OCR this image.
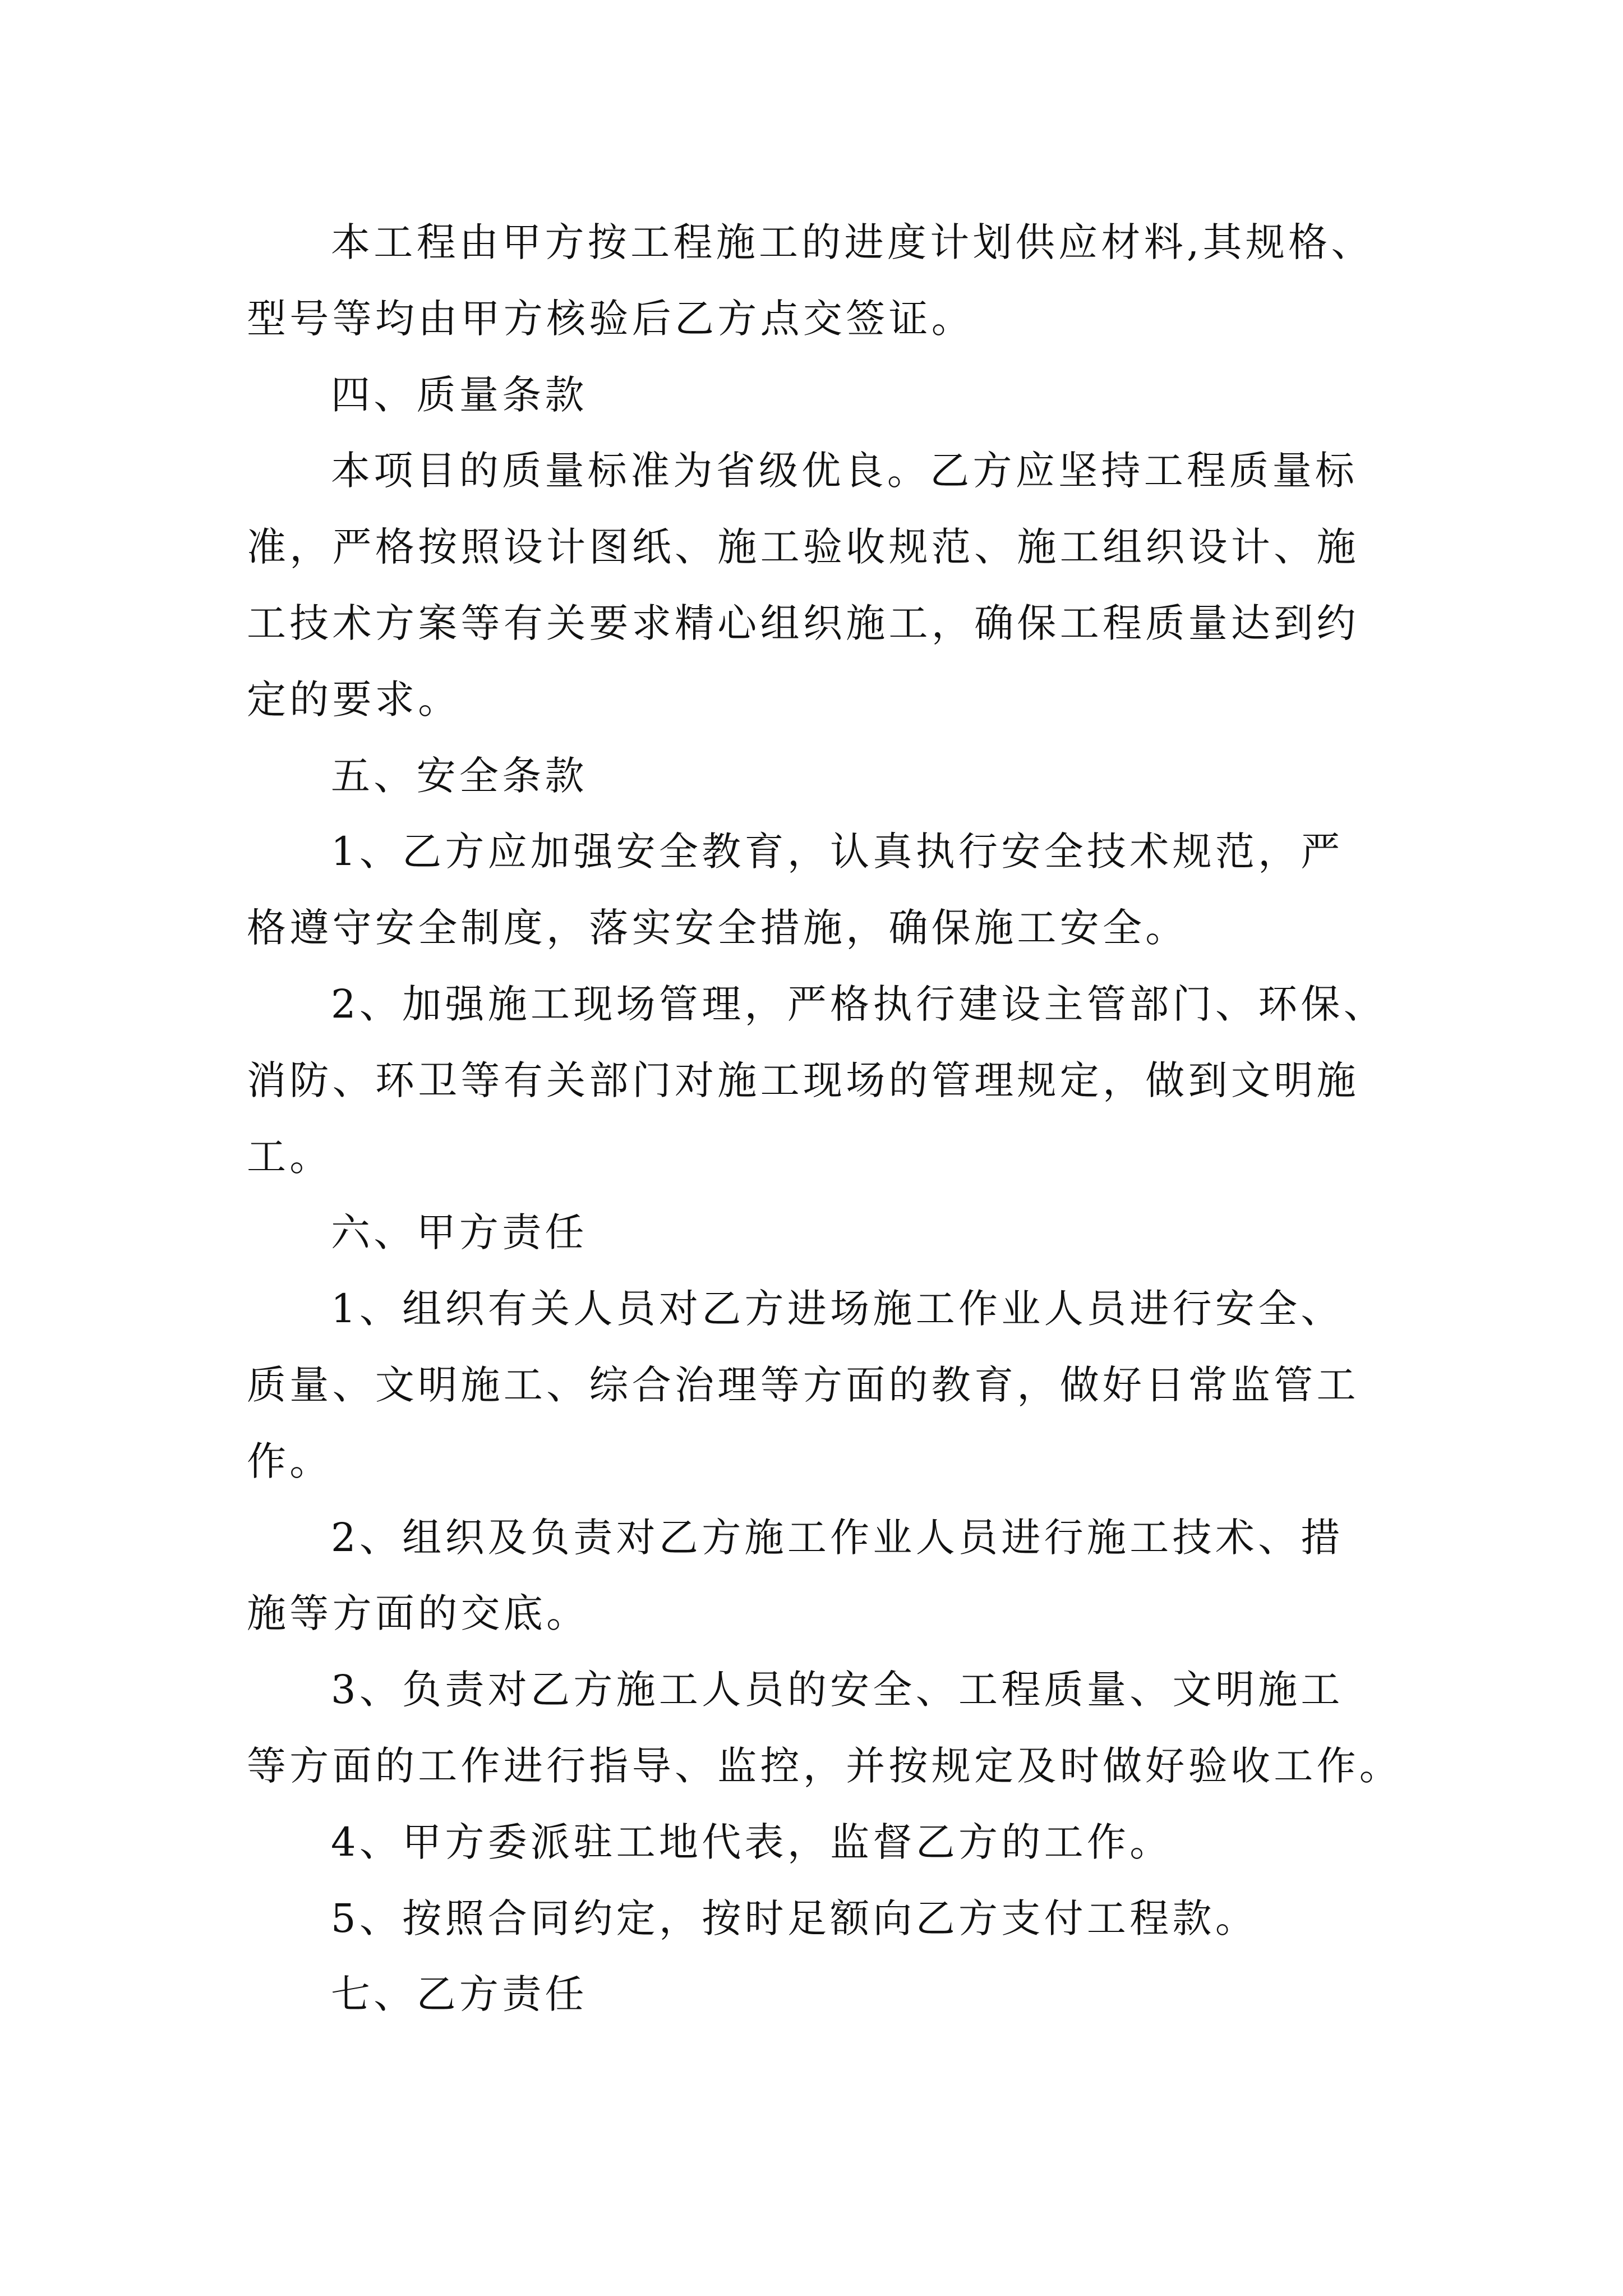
本工程由甲方按工程施工的进度计划供应材料,其规格、

型号等均由甲方核验后乙方点交签证。

四、质量条款

本项目的质量标准为省级优良。乙方应坚持工程质量标

准，严格按照设计图纸、施工验收规范、施工组织设计、施

工技术方案等有关要求精心组织施工，确保工程质量达到约

定的要求。

五、安全条款

1、乙方应加强安全教育，认真执行安全技术规范，严

格遵守安全制度，落实安全措施，确保施工安全。

2、加强施工现场管理，严格执行建设主管部门、环保、

消防、环卫等有关部门对施工现场的管理规定，做到文明施

工。

六、甲方责任

1、组织有关人员对乙方进场施工作业人员进行安全、

质量、文明施工、综合治理等方面的教育，做好日常监管工

作。

2、组织及负责对乙方施工作业人员进行施工技术、措

施等方面的交底。

3、负责对乙方施工人员的安全、工程质量、文明施工

等方面的工作进行指导、监控，并按规定及时做好验收工作。

4、甲方委派驻工地代表，监督乙方的工作。

5、按照合同约定，按时足额向乙方支付工程款。

七、乙方责任
